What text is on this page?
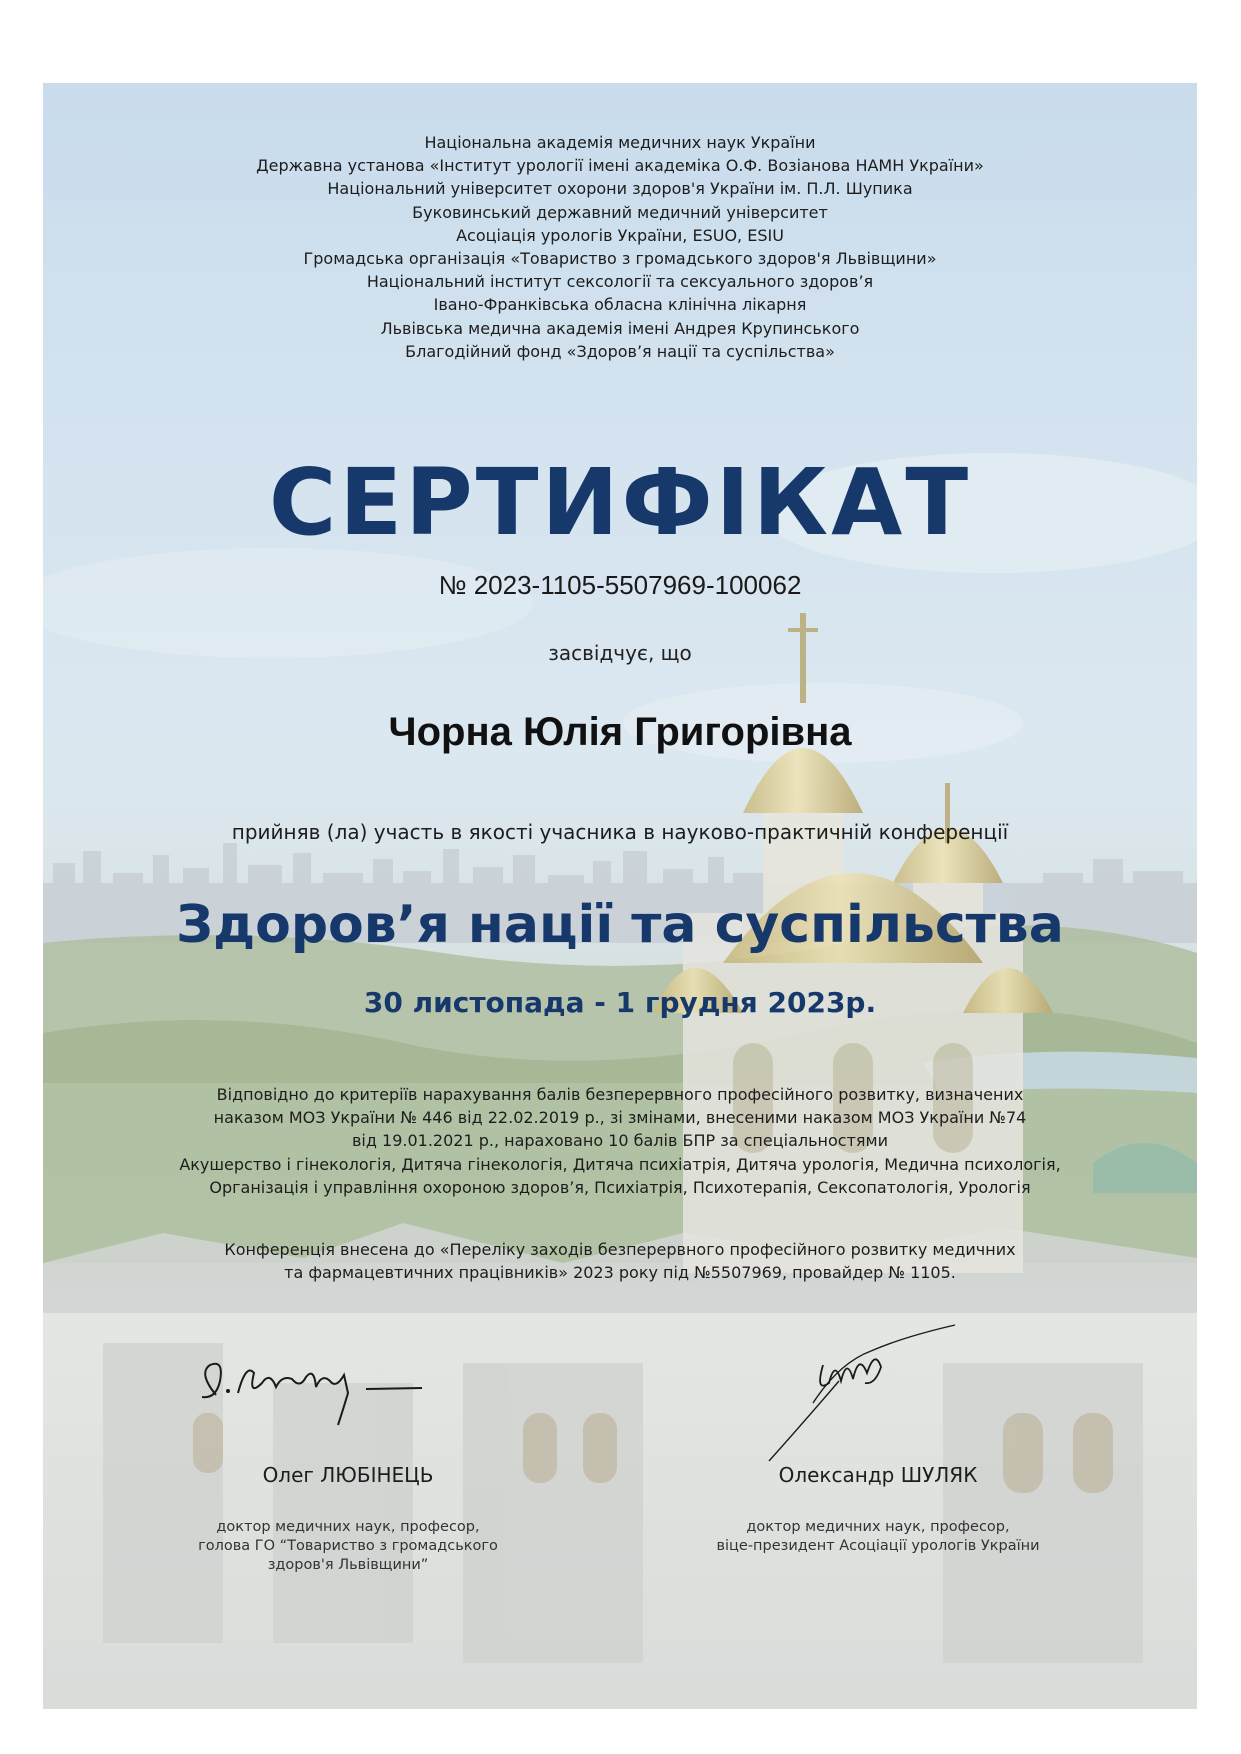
Національна академія медичних наук України
Державна установа «Інститут урології імені академіка О.Ф. Возіанова НАМН України»
Національний університет охорони здоров'я України ім. П.Л. Шупика
Буковинський державний медичний університет
Асоціація урологів України, ESUO, ESIU
Громадська організація «Товариство з громадського здоров'я Львівщини»
Національний інститут сексології та сексуального здоров’я
Івано-Франківська обласна клінічна лікарня
Львівська медична академія імені Андрея Крупинського
Благодійний фонд «Здоров’я нації та суспільства»
СЕРТИФІКАТ
№ 2023-1105-5507969-100062
засвідчує, що
Чорна Юлія Григорівна
прийняв (ла) участь в якості учасника в науково-практичній конференції
Здоров’я нації та суспільства
30 листопада - 1 грудня 2023р.
Відповідно до критеріїв нарахування балів безперервного професійного розвитку, визначених
наказом МОЗ України № 446 від 22.02.2019 р., зі змінами, внесеними наказом МОЗ України №74
від 19.01.2021 р., нараховано 10 балів БПР за спеціальностями
Акушерство і гінекологія, Дитяча гінекологія, Дитяча психіатрія, Дитяча урологія, Медична психологія,
Організація і управління охороною здоров’я, Психіатрія, Психотерапія, Сексопатологія, Урологія
Конференція внесена до «Переліку заходів безперервного професійного розвитку медичних
та фармацевтичних працівників» 2023 року під №5507969, провайдер № 1105.
Олег ЛЮБІНЕЦЬ
доктор медичних наук, професор,
голова ГО “Товариство з громадського
здоров'я Львівщини”
Олександр ШУЛЯК
доктор медичних наук, професор,
віце-президент Асоціації урологів України
